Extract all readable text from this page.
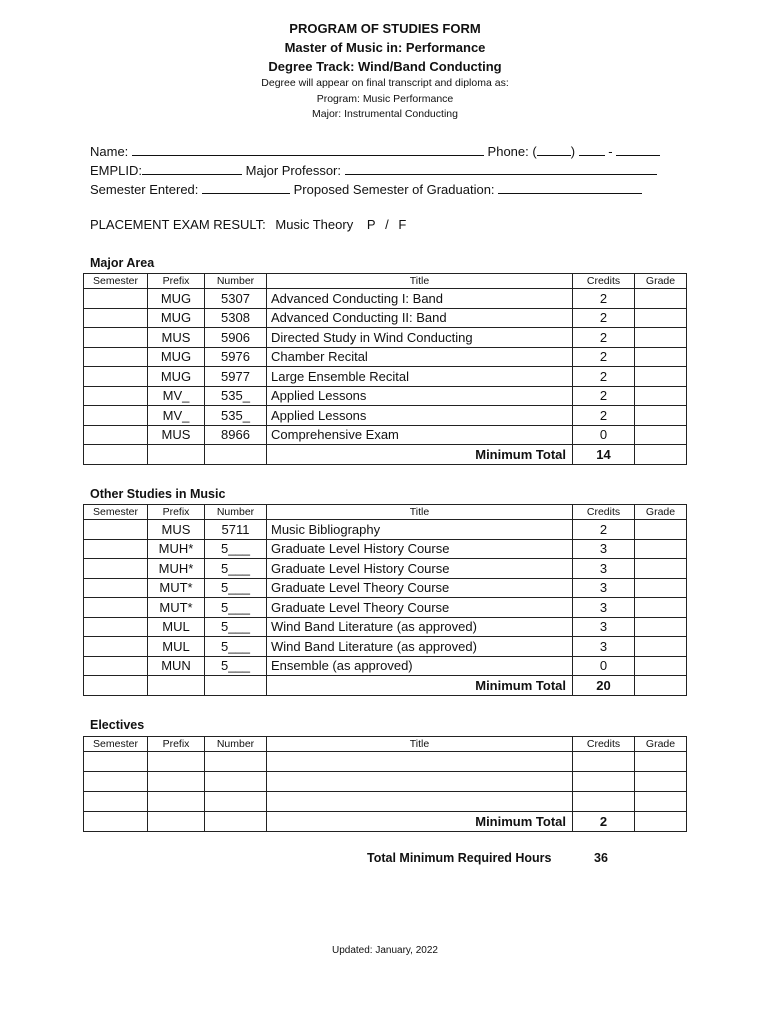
PROGRAM OF STUDIES FORM
Master of Music in: Performance
Degree Track: Wind/Band Conducting
Degree will appear on final transcript and diploma as:
Program: Music Performance
Major: Instrumental Conducting
Name:	Phone: (	)	-
EMPLID:	Major Professor:
Semester Entered:	Proposed Semester of Graduation:
PLACEMENT EXAM RESULT: Music Theory P / F
Major Area
Semester	Prefix	Number	Title	Credits	Grade
	MUG	5307	Advanced Conducting I: Band	2	
	MUG	5308	Advanced Conducting II: Band	2	
	MUS	5906	Directed Study in Wind Conducting	2	
	MUG	5976	Chamber Recital	2	
	MUG	5977	Large Ensemble Recital	2	
	MV_	535_	Applied Lessons	2	
	MV_	535_	Applied Lessons	2	
	MUS	8966	Comprehensive Exam	0	
			Minimum Total	14	
Other Studies in Music
Semester	Prefix	Number	Title	Credits	Grade
	MUS	5711	Music Bibliography	2	
	MUH*	5___	Graduate Level History Course	3	
	MUH*	5___	Graduate Level History Course	3	
	MUT*	5___	Graduate Level Theory Course	3	
	MUT*	5___	Graduate Level Theory Course	3	
	MUL	5___	Wind Band Literature (as approved)	3	
	MUL	5___	Wind Band Literature (as approved)	3	
	MUN	5___	Ensemble (as approved)	0	
			Minimum Total	20	
Electives
Semester	Prefix	Number	Title	Credits	Grade

			Minimum Total	2	
Total Minimum Required Hours	36
Updated: January, 2022
